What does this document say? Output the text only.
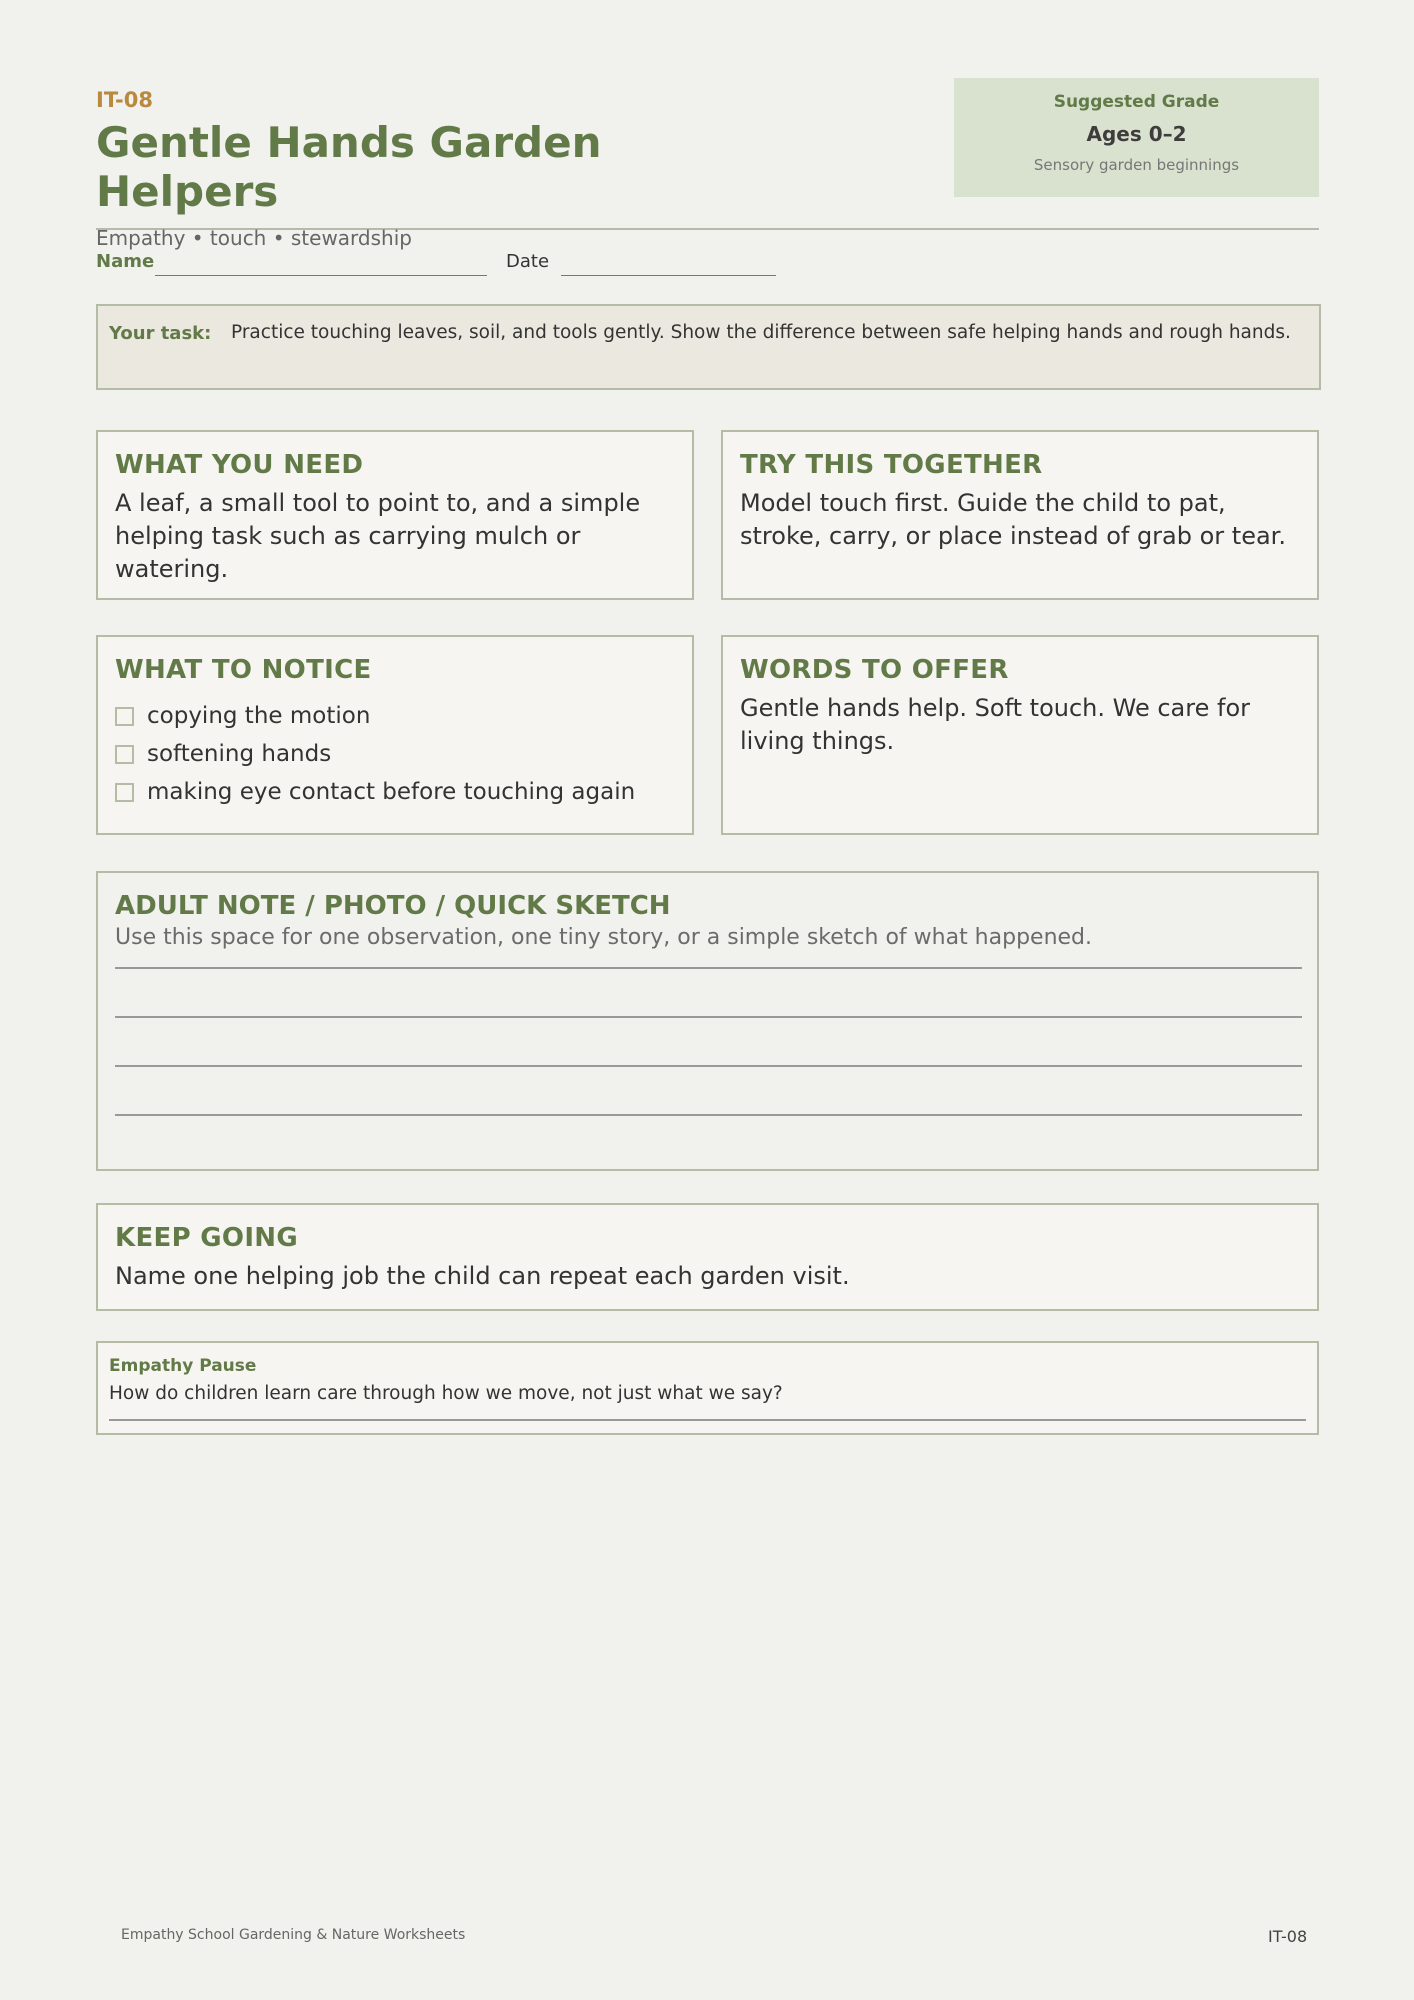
IT-08
Gentle Hands Garden Helpers
Suggested Grade
Ages 0–2
Sensory garden beginnings
Empathy • touch • stewardship
Name	Date
Your task: Practice touching leaves, soil, and tools gently. Show the difference between safe helping hands and rough hands.
WHAT YOU NEED
A leaf, a small tool to point to, and a simple helping task such as carrying mulch or watering.
TRY THIS TOGETHER
Model touch first. Guide the child to pat, stroke, carry, or place instead of grab or tear.
WHAT TO NOTICE
copying the motion
softening hands
making eye contact before touching again
WORDS TO OFFER
Gentle hands help. Soft touch. We care for living things.
ADULT NOTE / PHOTO / QUICK SKETCH
Use this space for one observation, one tiny story, or a simple sketch of what happened.
KEEP GOING
Name one helping job the child can repeat each garden visit.
Empathy Pause
How do children learn care through how we move, not just what we say?
Empathy School Gardening & Nature Worksheets	IT-08
